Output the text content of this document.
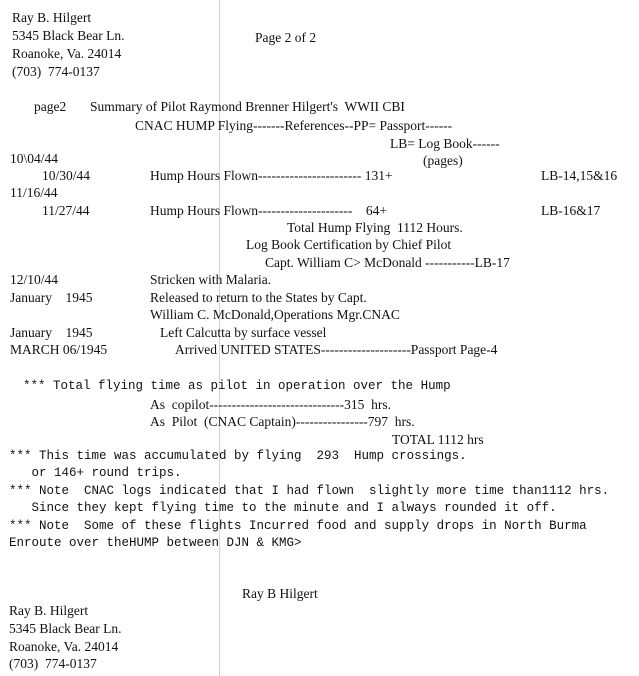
Ray B. Hilgert
5345 Black Bear Ln.
Roanoke, Va. 24014
(703)  774-0137
Page 2 of 2
page2 Summary of Pilot Raymond Brenner Hilgert's  WWII CBI
CNAC HUMP Flying-------References--PP= Passport------
LB= Log Book------
(pages)
10\04/44
10/30/44	Hump Hours Flown----------------------- 131+	LB-14,15&16
11/16/44
11/27/44	Hump Hours Flown---------------------    64+	LB-16&17
Total Hump Flying  1112 Hours.
Log Book Certification by Chief Pilot
Capt. William C> McDonald -----------LB-17
12/10/44	Stricken with Malaria.
January    1945	Released to return to the States by Capt.
William C. McDonald,Operations Mgr.CNAC
January    1945	Left Calcutta by surface vessel
MARCH 06/1945	Arrived UNITED STATES--------------------Passport Page-4
*** Total flying time as pilot in operation over the Hump
As  copilot------------------------------315  hrs.
As  Pilot  (CNAC Captain)----------------797  hrs.
TOTAL 1112 hrs
*** This time was accumulated by flying  293  Hump crossings.
or 146+ round trips.
*** Note  CNAC logs indicated that I had flown  slightly more time than1112 hrs.
Since they kept flying time to the minute and I always rounded it off.
*** Note  Some of these flights Incurred food and supply drops in North Burma
Enroute over theHUMP between DJN & KMG>
Ray B Hilgert
Ray B. Hilgert
5345 Black Bear Ln.
Roanoke, Va. 24014
(703)  774-0137
